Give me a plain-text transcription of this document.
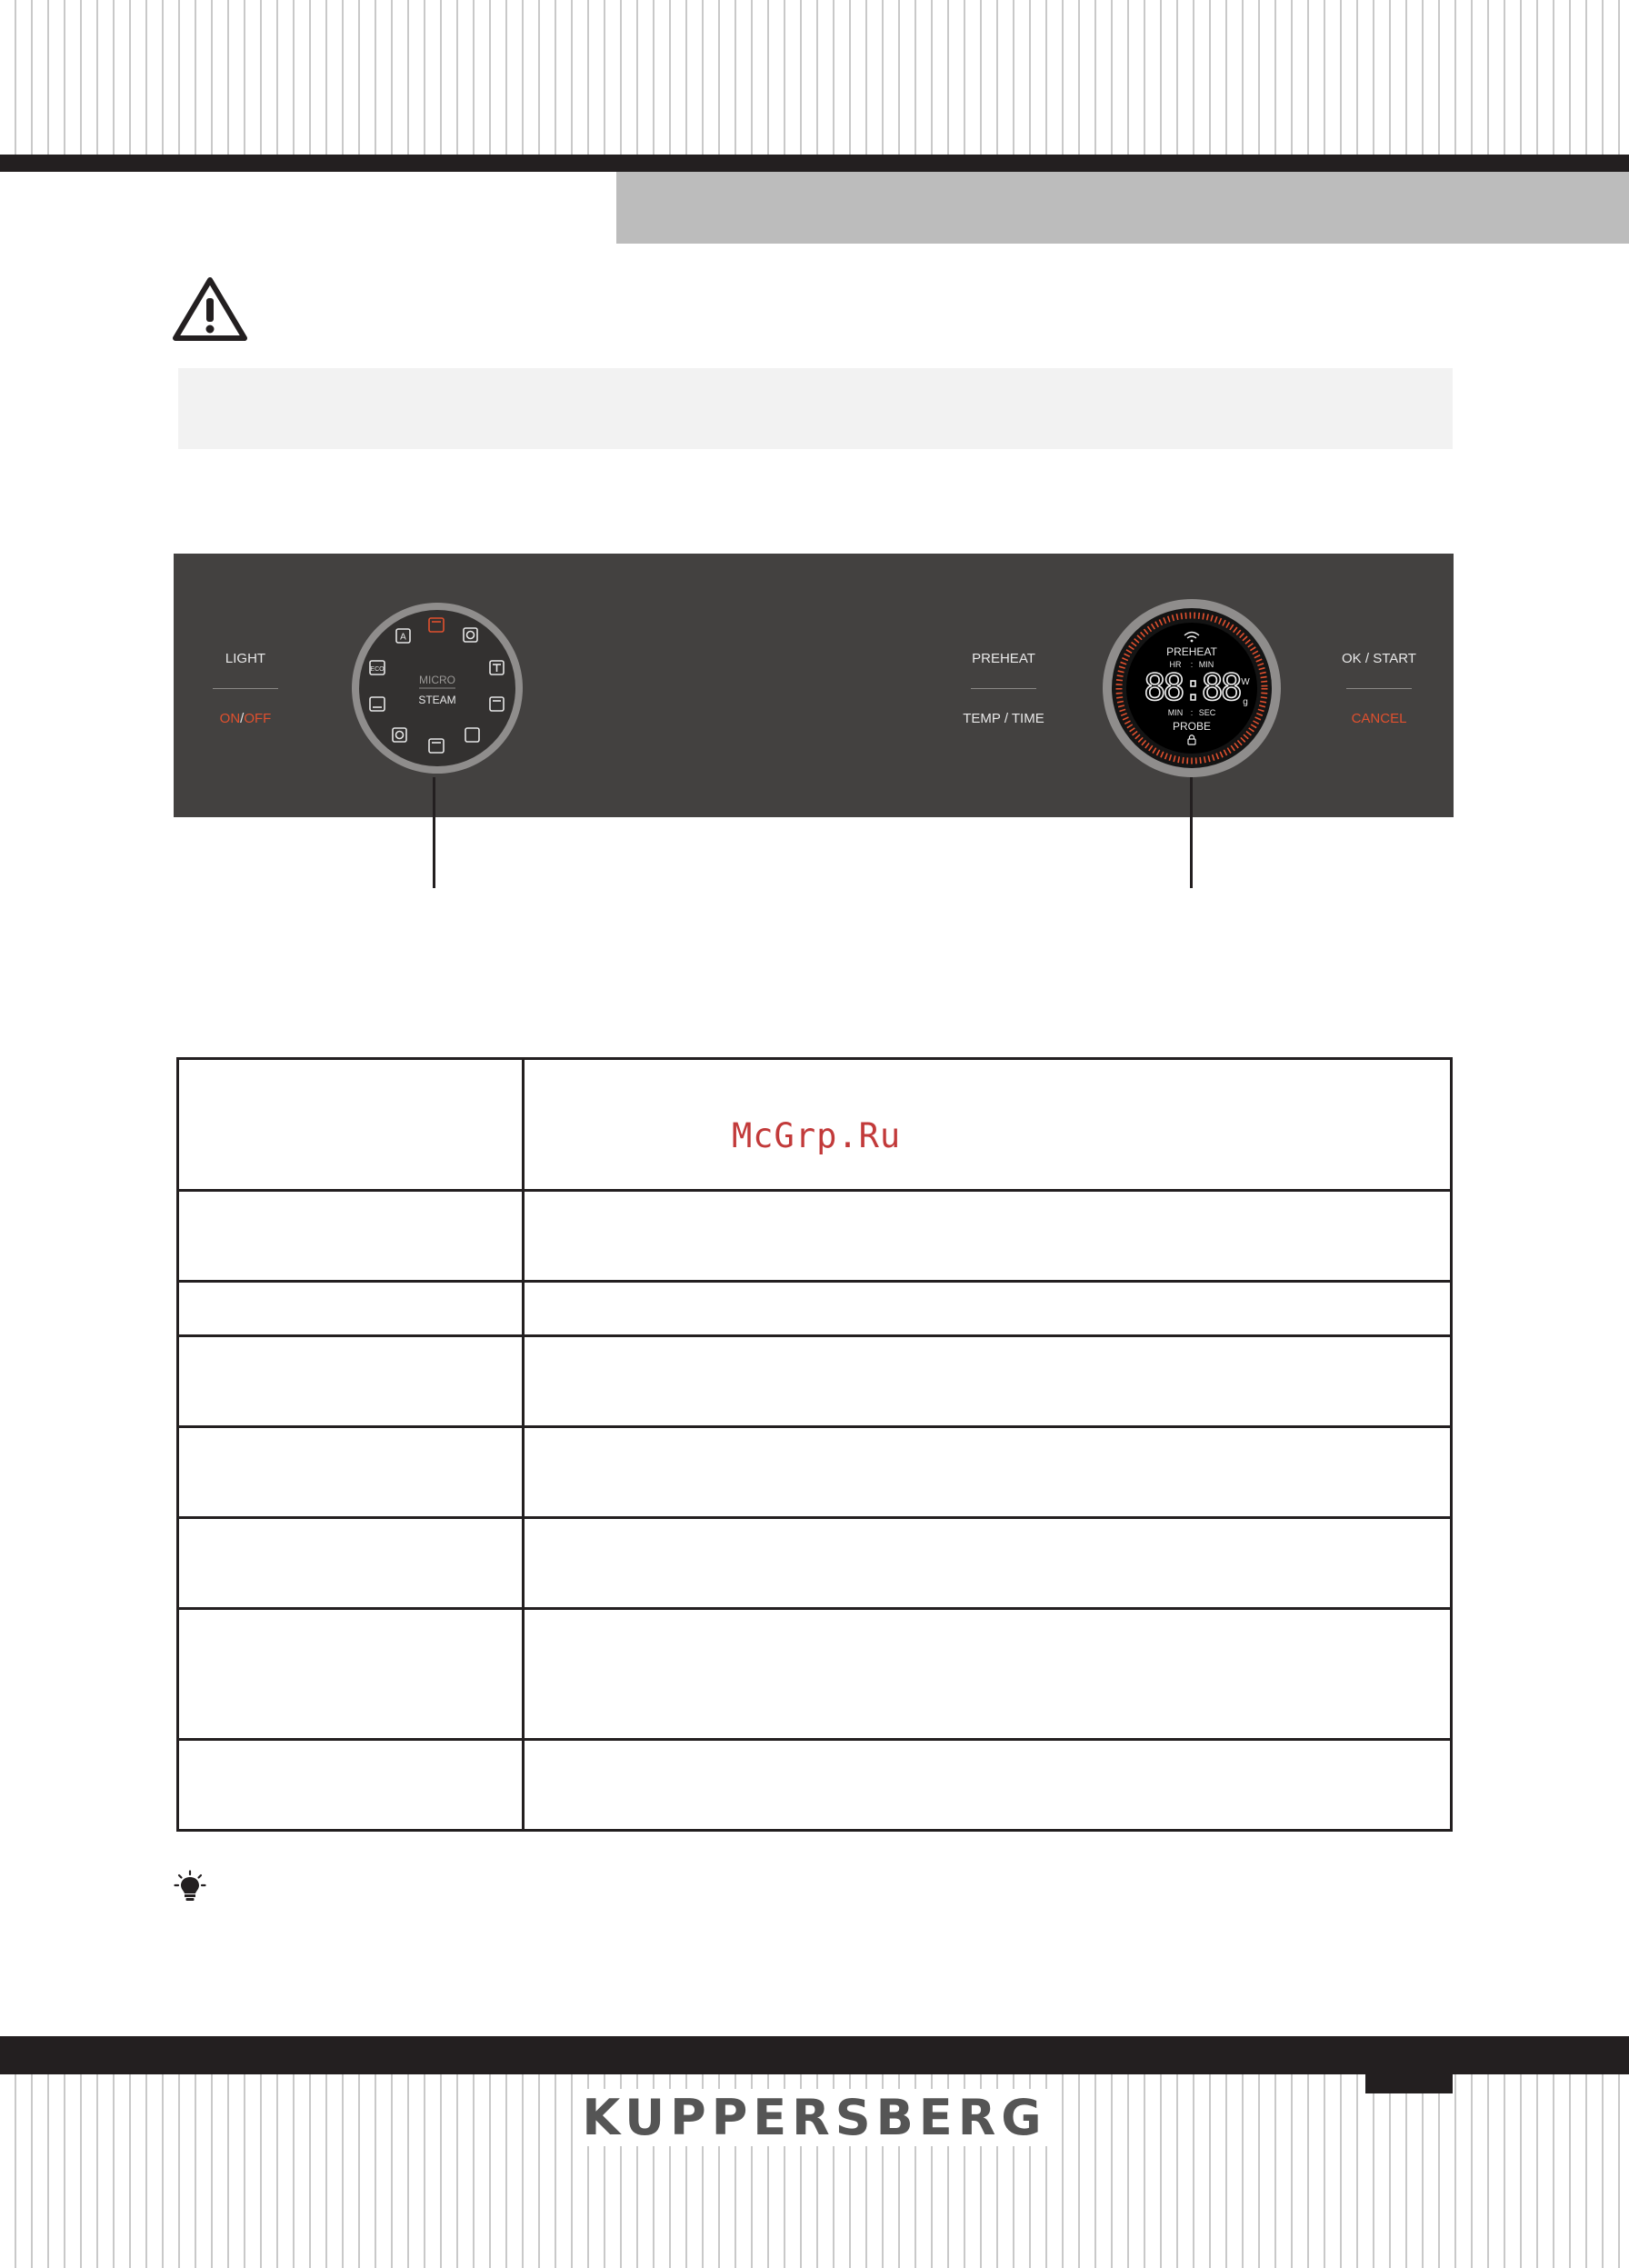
LIGHT
ON/OFF
A
ECO
MICRO
STEAM
PREHEAT
TEMP / TIME
PREHEAT
HR : MIN
88:88 W
g
MIN : SEC
PROBE
OK / START
CANCEL

McGrp.Ru
KUPPERSBERG
